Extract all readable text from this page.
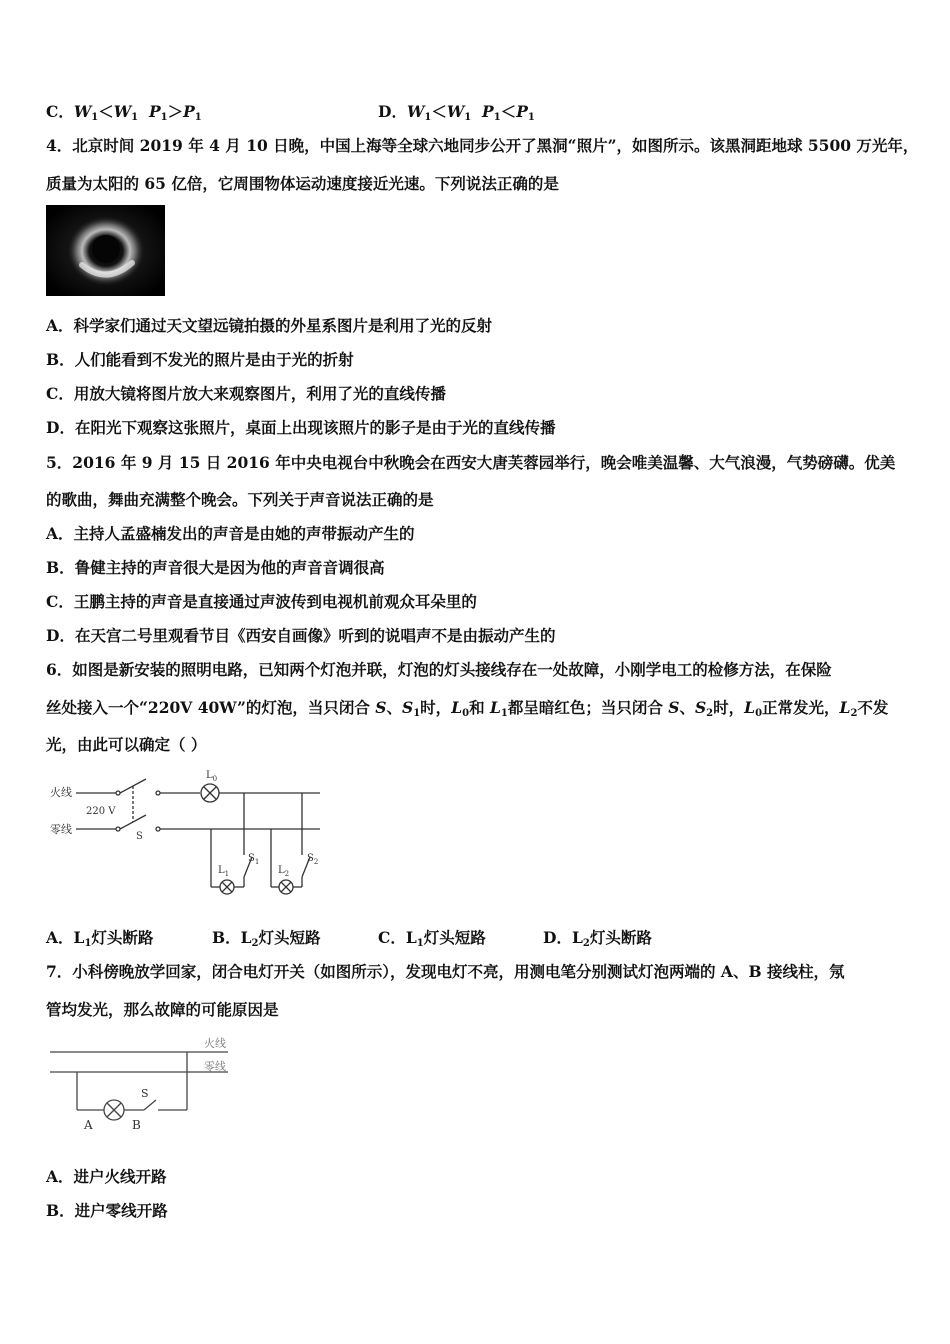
C．$W_1<W_1$ $P_1>P_1$	D．$W_1<W_1$ $P_1<P_1$
4．北京时间 2019 年 4 月 10 日晚，中国上海等全球六地同步公开了黑洞“照片”，如图所示。该黑洞距地球 5500 万光年，
质量为太阳的 65 亿倍，它周围物体运动速度接近光速。下列说法正确的是
A．科学家们通过天文望远镜拍摄的外星系图片是利用了光的反射
B．人们能看到不发光的照片是由于光的折射
C．用放大镜将图片放大来观察图片，利用了光的直线传播
D．在阳光下观察这张照片，桌面上出现该照片的影子是由于光的直线传播
5．2016 年 9 月 15 日 2016 年中央电视台中秋晚会在西安大唐芙蓉园举行，晚会唯美温馨、大气浪漫，气势磅礴。优美
的歌曲，舞曲充满整个晚会。下列关于声音说法正确的是
A．主持人孟盛楠发出的声音是由她的声带振动产生的
B．鲁健主持的声音很大是因为他的声音音调很高
C．王鹏主持的声音是直接通过声波传到电视机前观众耳朵里的
D．在天宫二号里观看节目《西安自画像》听到的说唱声不是由振动产生的
6．如图是新安装的照明电路，已知两个灯泡并联，灯泡的灯头接线存在一处故障，小刚学电工的检修方法，在保险
丝处接入一个“220V 40W”的灯泡，当只闭合 S、$S_1$时，$L_0$和 $L_1$都呈暗红色；当只闭合 S、$S_2$时，$L_0$正常发光，$L_2$不发
光，由此可以确定（ ）
火线
零线
220 V
S
$L_0$
$L_1$
$S_1$
$L_2$
$S_2$
A．$L_1$灯头断路	B．$L_2$灯头短路	C．$L_1$灯头短路	D．$L_2$灯头断路
7．小科傍晚放学回家，闭合电灯开关（如图所示），发现电灯不亮，用测电笔分别测试灯泡两端的 A、B 接线柱，氖
管均发光，那么故障的可能原因是
火线
零线
S
A	B
A．进户火线开路
B．进户零线开路
